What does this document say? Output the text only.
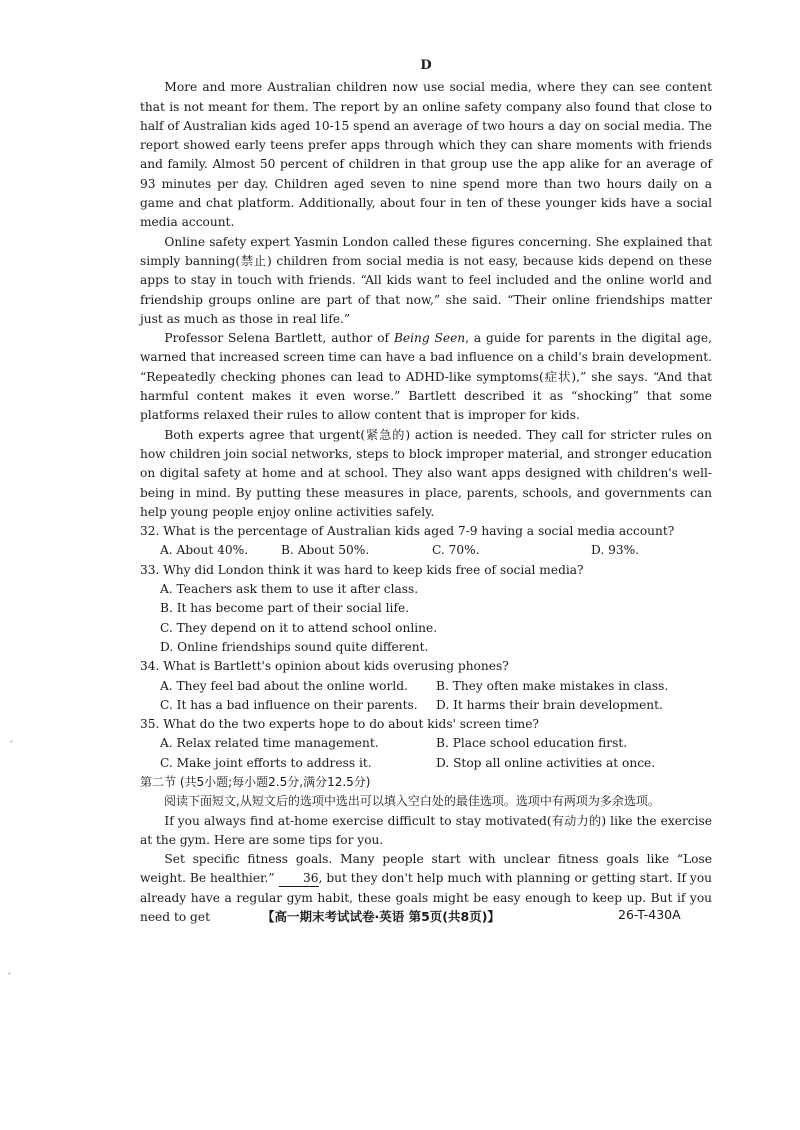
D

More and more Australian children now use social media, where they can see content that is not meant for them. The report by an online safety company also found that close to half of Australian kids aged 10-15 spend an average of two hours a day on social media. The report showed early teens prefer apps through which they can share moments with friends and family. Almost 50 percent of children in that group use the app alike for an average of 93 minutes per day. Children aged seven to nine spend more than two hours daily on a game and chat platform. Additionally, about four in ten of these younger kids have a social media account.

Online safety expert Yasmin London called these figures concerning. She explained that simply banning(禁止) children from social media is not easy, because kids depend on these apps to stay in touch with friends. “All kids want to feel included and the online world and friendship groups online are part of that now,” she said. “Their online friendships matter just as much as those in real life.”

Professor Selena Bartlett, author of Being Seen, a guide for parents in the digital age, warned that increased screen time can have a bad influence on a child's brain development. “Repeatedly checking phones can lead to ADHD-like symptoms(症状),” she says. “And that harmful content makes it even worse.” Bartlett described it as “shocking” that some platforms relaxed their rules to allow content that is improper for kids.

Both experts agree that urgent(紧急的) action is needed. They call for stricter rules on how children join social networks, steps to block improper material, and stronger education on digital safety at home and at school. They also want apps designed with children's well-being in mind. By putting these measures in place, parents, schools, and governments can help young people enjoy online activities safely.

32. What is the percentage of Australian kids aged 7-9 having a social media account?

A. About 40%.	B. About 50%.	C. 70%.	D. 93%.

33. Why did London think it was hard to keep kids free of social media?

A. Teachers ask them to use it after class.

B. It has become part of their social life.

C. They depend on it to attend school online.

D. Online friendships sound quite different.

34. What is Bartlett's opinion about kids overusing phones?

A. They feel bad about the online world.	B. They often make mistakes in class.
C. It has a bad influence on their parents.	D. It harms their brain development.

35. What do the two experts hope to do about kids' screen time?

A. Relax related time management.	B. Place school education first.
C. Make joint efforts to address it.	D. Stop all online activities at once.

第二节 (共5小题;每小题2.5分,满分12.5分)

阅读下面短文,从短文后的选项中选出可以填入空白处的最佳选项。选项中有两项为多余选项。

If you always find at-home exercise difficult to stay motivated(有动力的) like the exercise at the gym. Here are some tips for you.

Set specific fitness goals. Many people start with unclear fitness goals like “Lose weight. Be healthier.” 36, but they don't help much with planning or getting start. If you already have a regular gym habit, these goals might be easy enough to keep up. But if you need to get	【高一期末考试试卷·英语 第5页(共8页)】	26-T-430A
